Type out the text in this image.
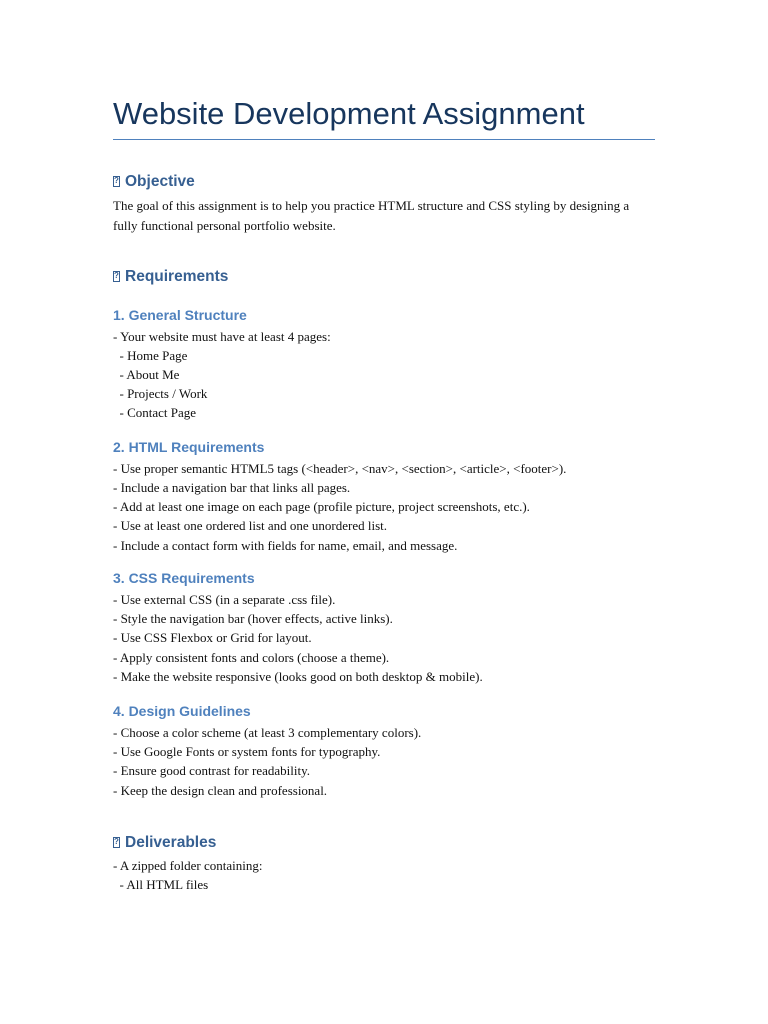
Website Development Assignment
?Objective

The goal of this assignment is to help you practice HTML structure and CSS styling by designing a fully functional personal portfolio website.

?Requirements
1. General Structure
- Your website must have at least 4 pages:
- Home Page
- About Me
- Projects / Work
- Contact Page
2. HTML Requirements
- Use proper semantic HTML5 tags (<header>, <nav>, <section>, <article>, <footer>).
- Include a navigation bar that links all pages.
- Add at least one image on each page (profile picture, project screenshots, etc.).
- Use at least one ordered list and one unordered list.
- Include a contact form with fields for name, email, and message.
3. CSS Requirements
- Use external CSS (in a separate .css file).
- Style the navigation bar (hover effects, active links).
- Use CSS Flexbox or Grid for layout.
- Apply consistent fonts and colors (choose a theme).
- Make the website responsive (looks good on both desktop & mobile).
4. Design Guidelines
- Choose a color scheme (at least 3 complementary colors).
- Use Google Fonts or system fonts for typography.
- Ensure good contrast for readability.
- Keep the design clean and professional.
?Deliverables
- A zipped folder containing:
- All HTML files
